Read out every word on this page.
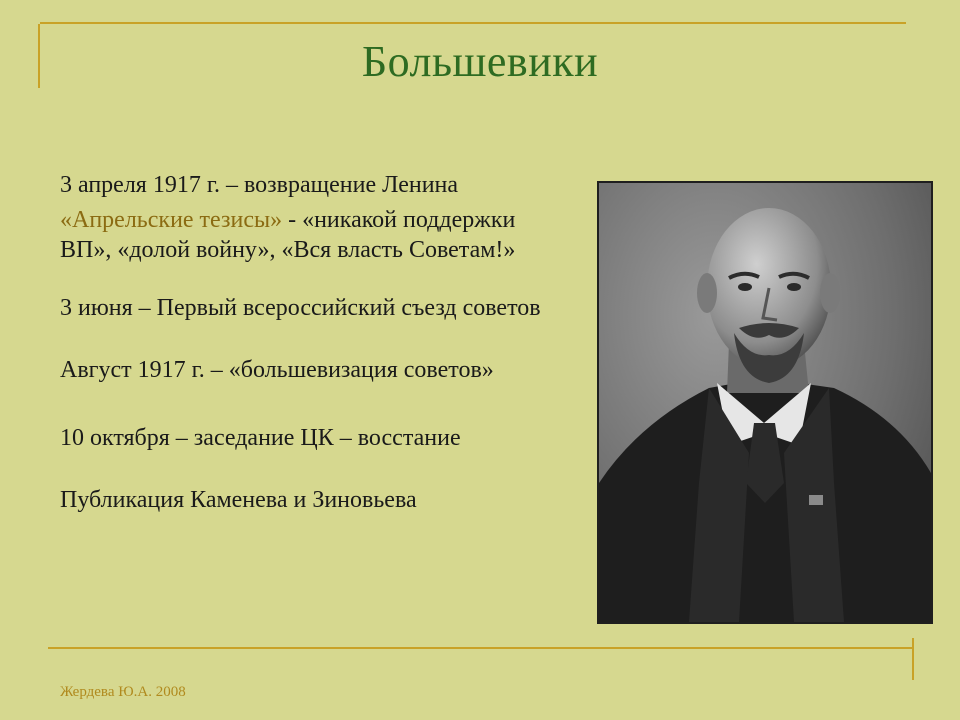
Большевики

3 апреля 1917 г. – возвращение Ленина

«Апрельские тезисы» - «никакой поддержки ВП», «долой войну», «Вся власть Советам!»

3 июня – Первый всероссийский съезд советов

Август 1917 г. – «большевизация советов»

10 октября – заседание ЦК – восстание

Публикация Каменева и Зиновьева

Жердева Ю.А. 2008
